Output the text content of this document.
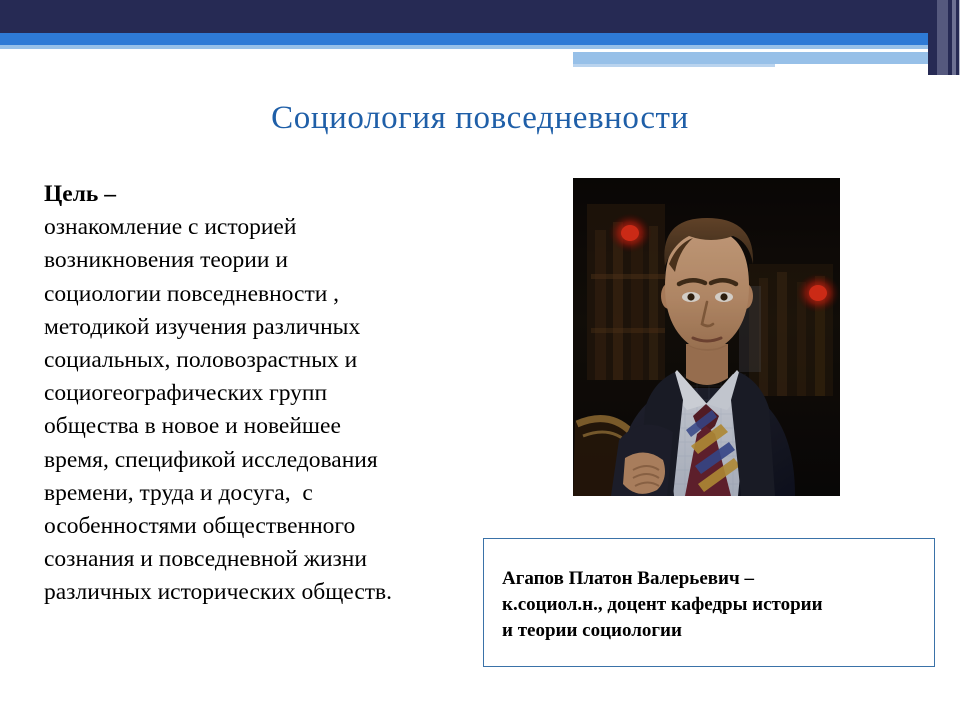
Социология повседневности
Цель –
ознакомление с историей
возникновения теории и
социологии повседневности ,
методикой изучения различных
социальных, половозрастных и
социогеографических групп
общества в новое и новейшее
время, спецификой исследования
времени, труда и досуга,  с
особенностями общественного
сознания и повседневной жизни
различных исторических обществ.
Агапов Платон Валерьевич –
к.социол.н., доцент кафедры истории
и теории социологии
